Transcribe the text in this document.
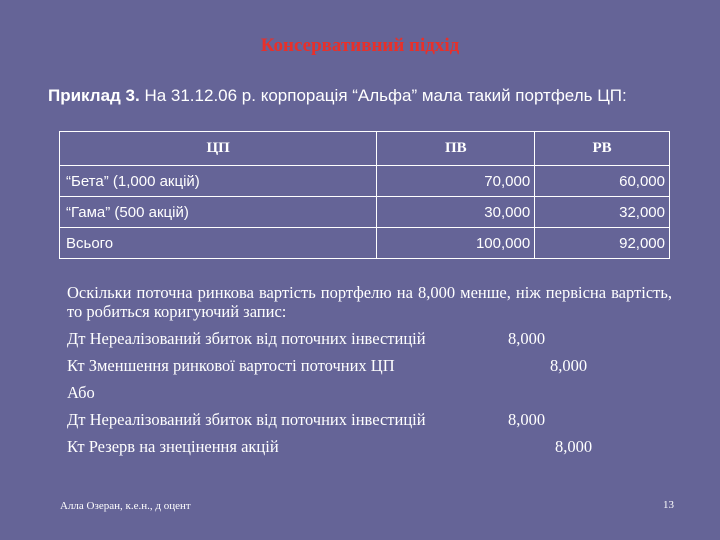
Консервативний підхід
Приклад 3. На 31.12.06 р. корпорація “Альфа” мала такий портфель ЦП:
ЦП	ПВ	РВ
“Бета” (1,000 акцій)	70,000	60,000
“Гама” (500 акцій)	30,000	32,000
Всього	100,000	92,000

Оскільки поточна ринкова вартість портфелю на 8,000 менше, ніж первісна вартість, то робиться коригуючий запис:

Дт Нереалізований збиток від поточних інвестицій	8,000
Кт Зменшення ринкової вартості поточних ЦП	8,000
Або
Дт Нереалізований збиток від поточних інвестицій	8,000
Кт Резерв на знецінення акцій	8,000
Алла Озеран, к.е.н., д оцент	13
